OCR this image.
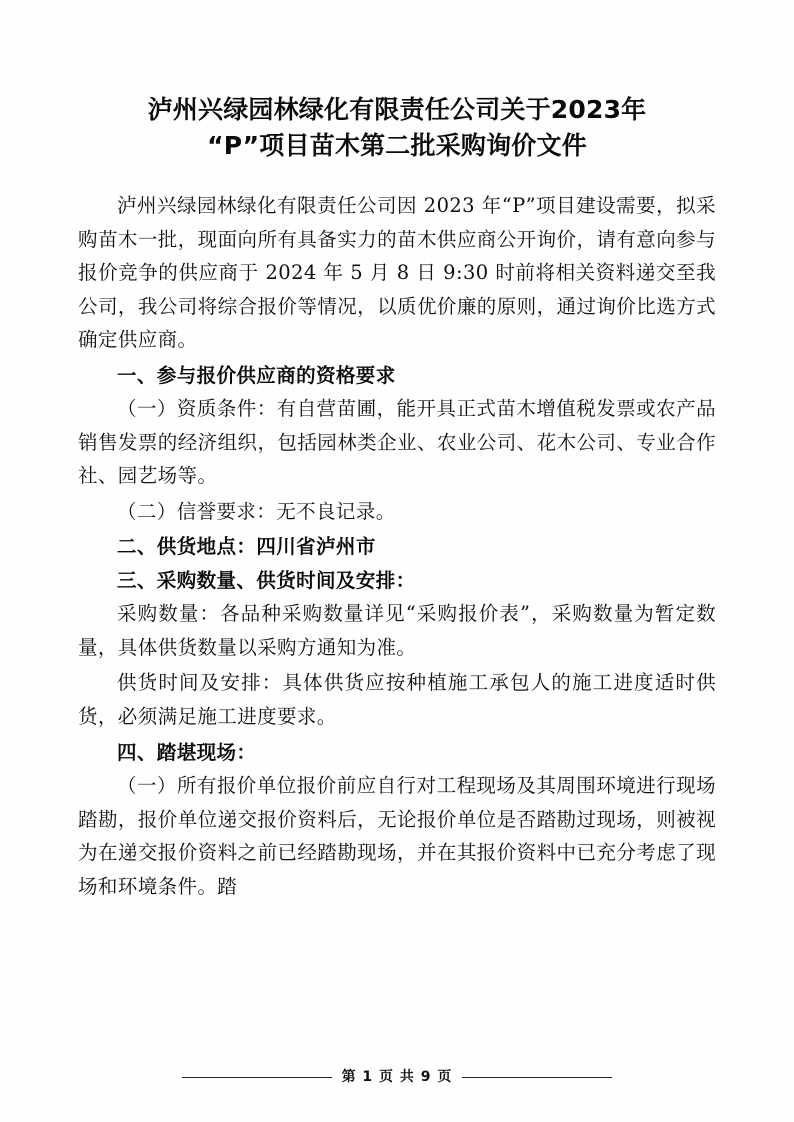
泸州兴绿园林绿化有限责任公司关于2023年
“P”项目苗木第二批采购询价文件

泸州兴绿园林绿化有限责任公司因 2023 年“P”项目建设需要，拟采购苗木一批，现面向所有具备实力的苗木供应商公开询价，请有意向参与报价竞争的供应商于 2024 年 5 月 8 日 9:30 时前将相关资料递交至我公司，我公司将综合报价等情况，以质优价廉的原则，通过询价比选方式确定供应商。

一、参与报价供应商的资格要求

（一）资质条件：有自营苗圃，能开具正式苗木增值税发票或农产品销售发票的经济组织，包括园林类企业、农业公司、花木公司、专业合作社、园艺场等。

（二）信誉要求：无不良记录。

二、供货地点：四川省泸州市

三、采购数量、供货时间及安排：

采购数量：各品种采购数量详见“采购报价表”，采购数量为暂定数量，具体供货数量以采购方通知为准。

供货时间及安排：具体供货应按种植施工承包人的施工进度适时供货，必须满足施工进度要求。

四、踏堪现场：

（一）所有报价单位报价前应自行对工程现场及其周围环境进行现场踏勘，报价单位递交报价资料后，无论报价单位是否踏勘过现场，则被视为在递交报价资料之前已经踏勘现场，并在其报价资料中已充分考虑了现场和环境条件。踏

第 1 页 共 9 页
